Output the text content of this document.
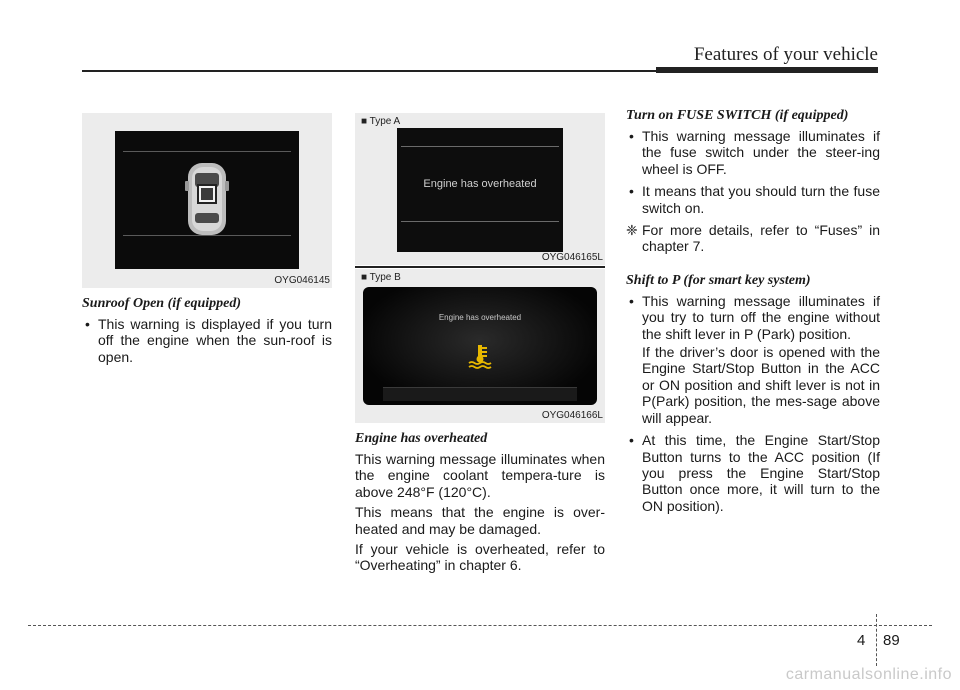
Features of your vehicle
OYG046145
Sunroof Open (if equipped)

• This warning is displayed if you turn off the engine when the sun-roof is open.

■ Type A
Engine has overheated
OYG046165L
■ Type B
Engine has overheated
OYG046166L
Engine has overheated

This warning message illuminates when the engine coolant tempera-ture is above 248°F (120°C).

This means that the engine is over-heated and may be damaged.

If your vehicle is overheated, refer to “Overheating” in chapter 6.

Turn on FUSE SWITCH (if equipped)

• This warning message illuminates if the fuse switch under the steer-ing wheel is OFF.

• It means that you should turn the fuse switch on.

❈ For more details, refer to “Fuses” in chapter 7.

Shift to P (for smart key system)

• This warning message illuminates if you try to turn off the engine without the shift lever in P (Park) position.

If the driver’s door is opened with the Engine Start/Stop Button in the ACC or ON position and shift lever is not in P(Park) position, the mes-sage above will appear.

• At this time, the Engine Start/Stop Button turns to the ACC position (If you press the Engine Start/Stop Button once more, it will turn to the ON position).

4 89
carmanualsonline.info
